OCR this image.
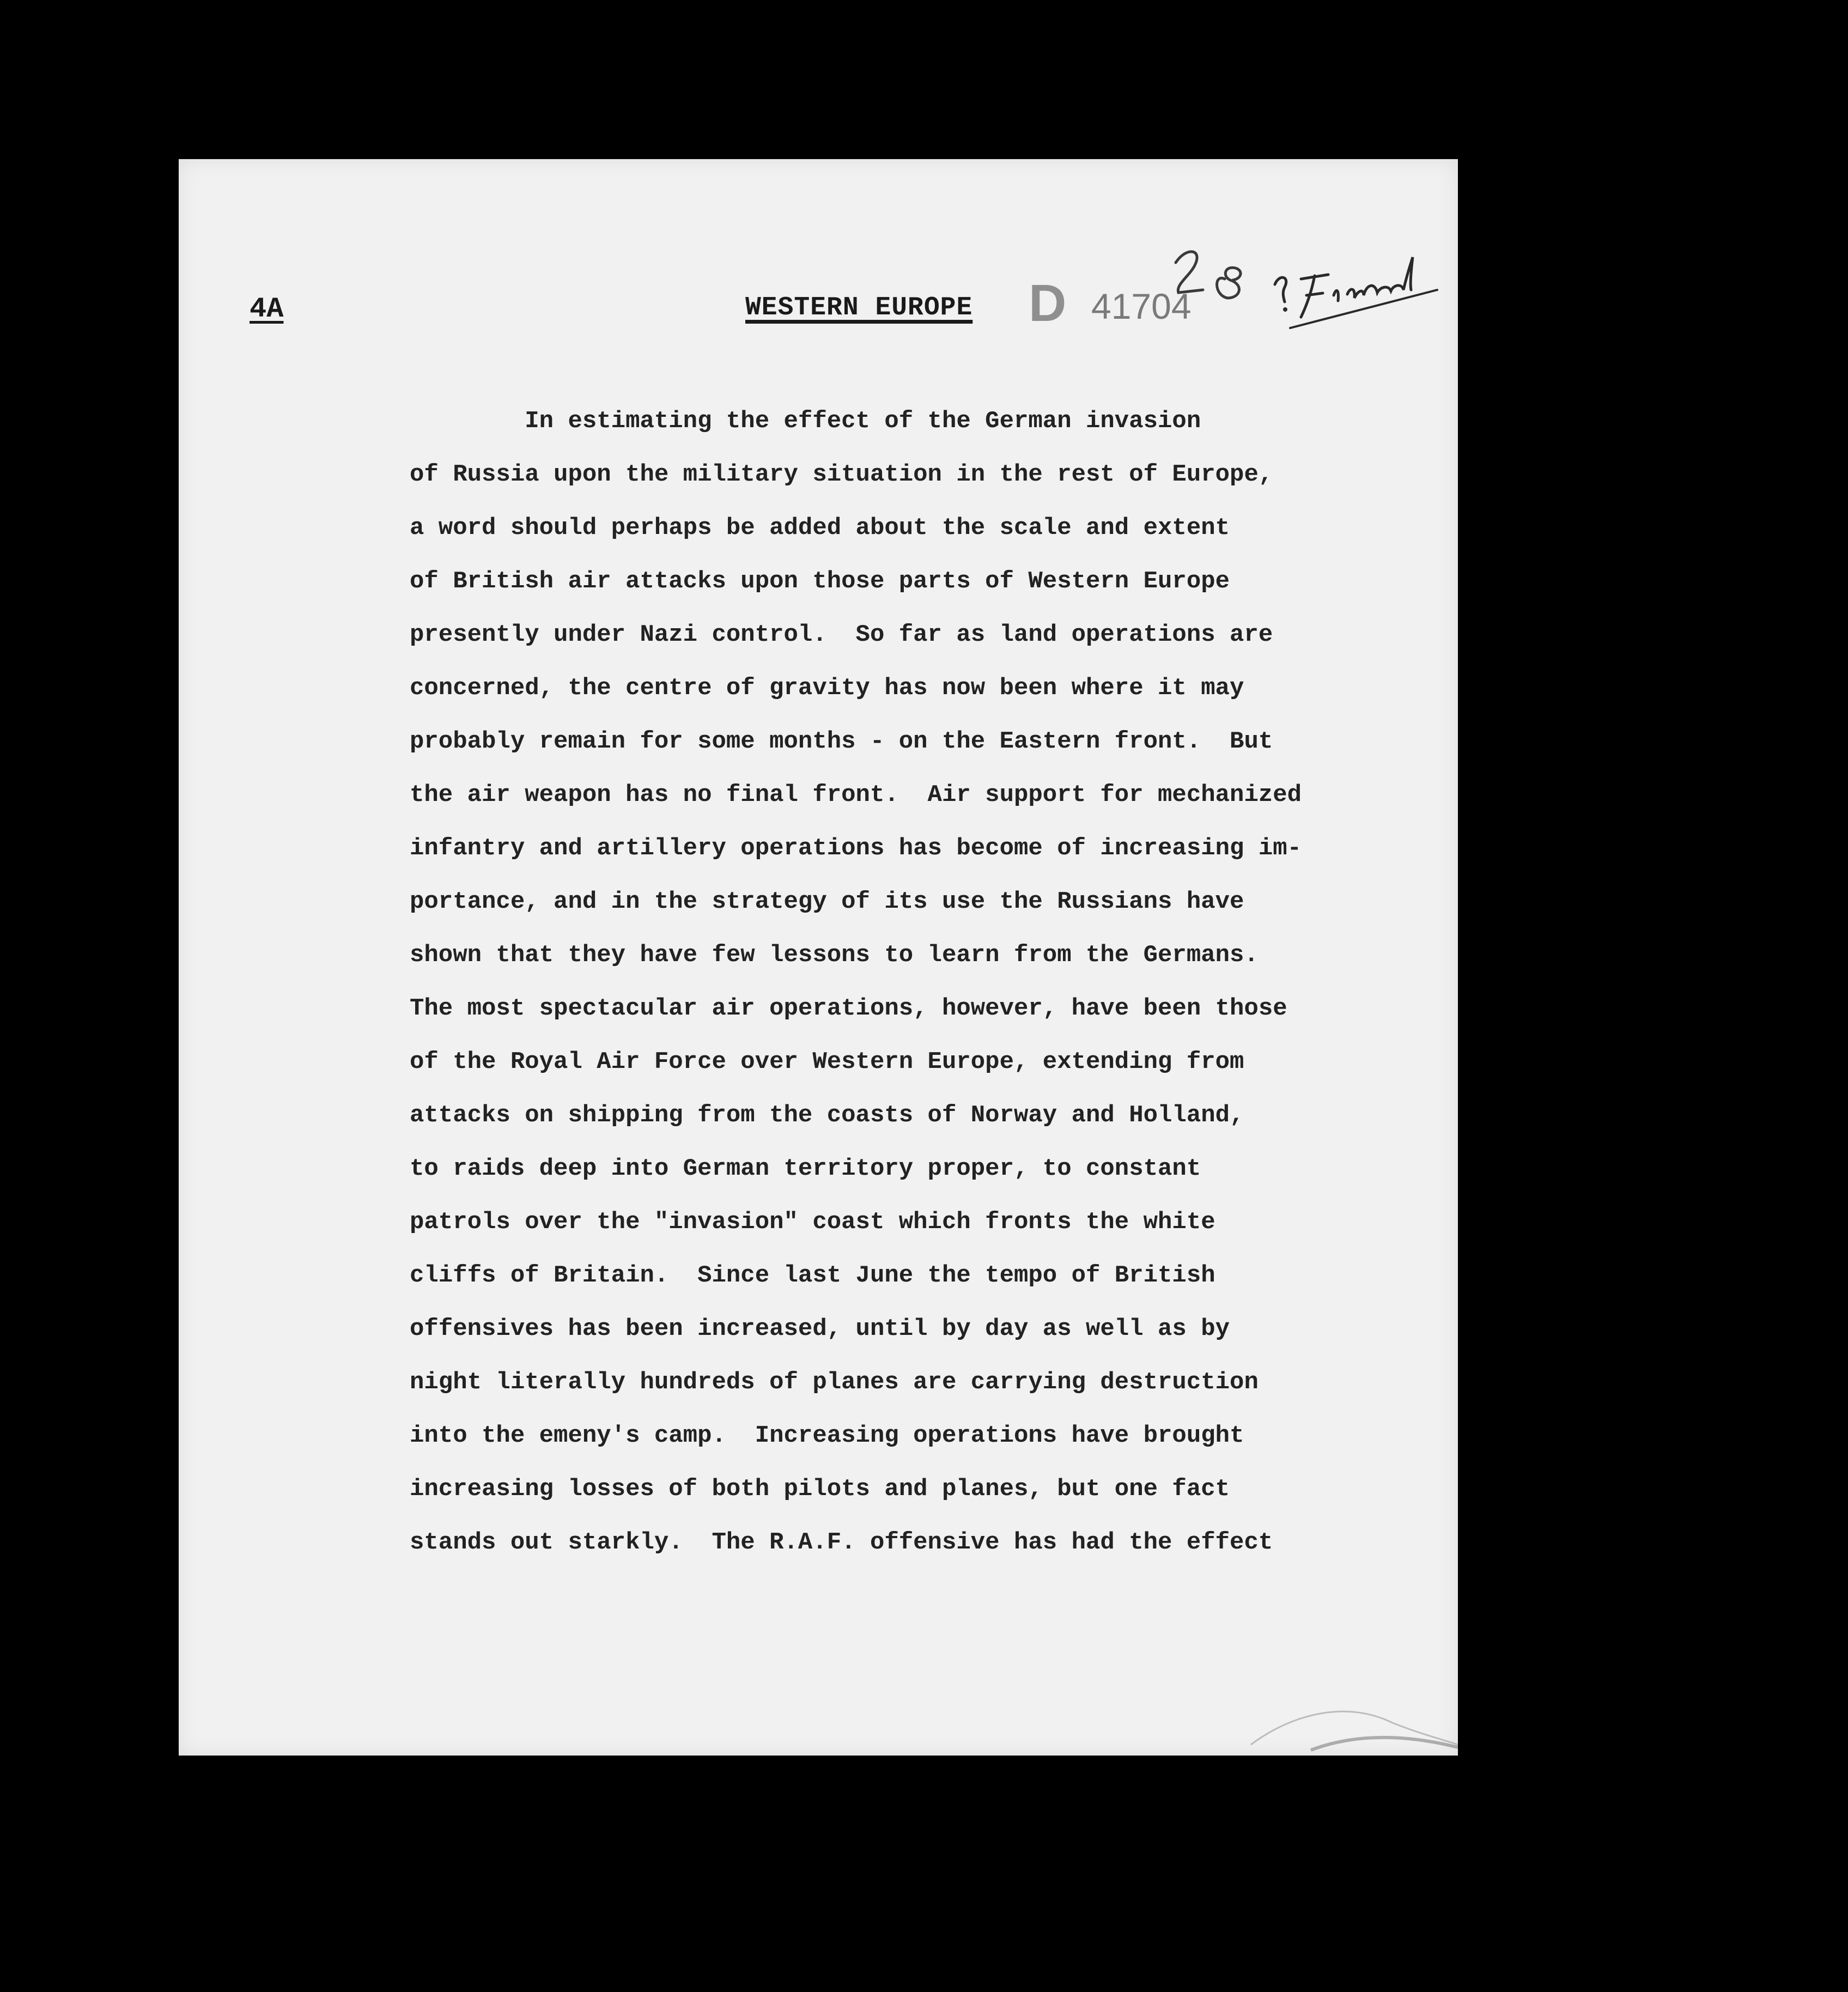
4A	WESTERN EUROPE D 41704

In estimating the effect of the German invasion
of Russia upon the military situation in the rest of Europe,
a word should perhaps be added about the scale and extent
of British air attacks upon those parts of Western Europe
presently under Nazi control.  So far as land operations are
concerned, the centre of gravity has now been where it may
probably remain for some months - on the Eastern front.  But
the air weapon has no final front.  Air support for mechanized
infantry and artillery operations has become of increasing im-
portance, and in the strategy of its use the Russians have
shown that they have few lessons to learn from the Germans.
The most spectacular air operations, however, have been those
of the Royal Air Force over Western Europe, extending from
attacks on shipping from the coasts of Norway and Holland,
to raids deep into German territory proper, to constant
patrols over the "invasion" coast which fronts the white
cliffs of Britain.  Since last June the tempo of British
offensives has been increased, until by day as well as by
night literally hundreds of planes are carrying destruction
into the emeny's camp.  Increasing operations have brought
increasing losses of both pilots and planes, but one fact
stands out starkly.  The R.A.F. offensive has had the effect
